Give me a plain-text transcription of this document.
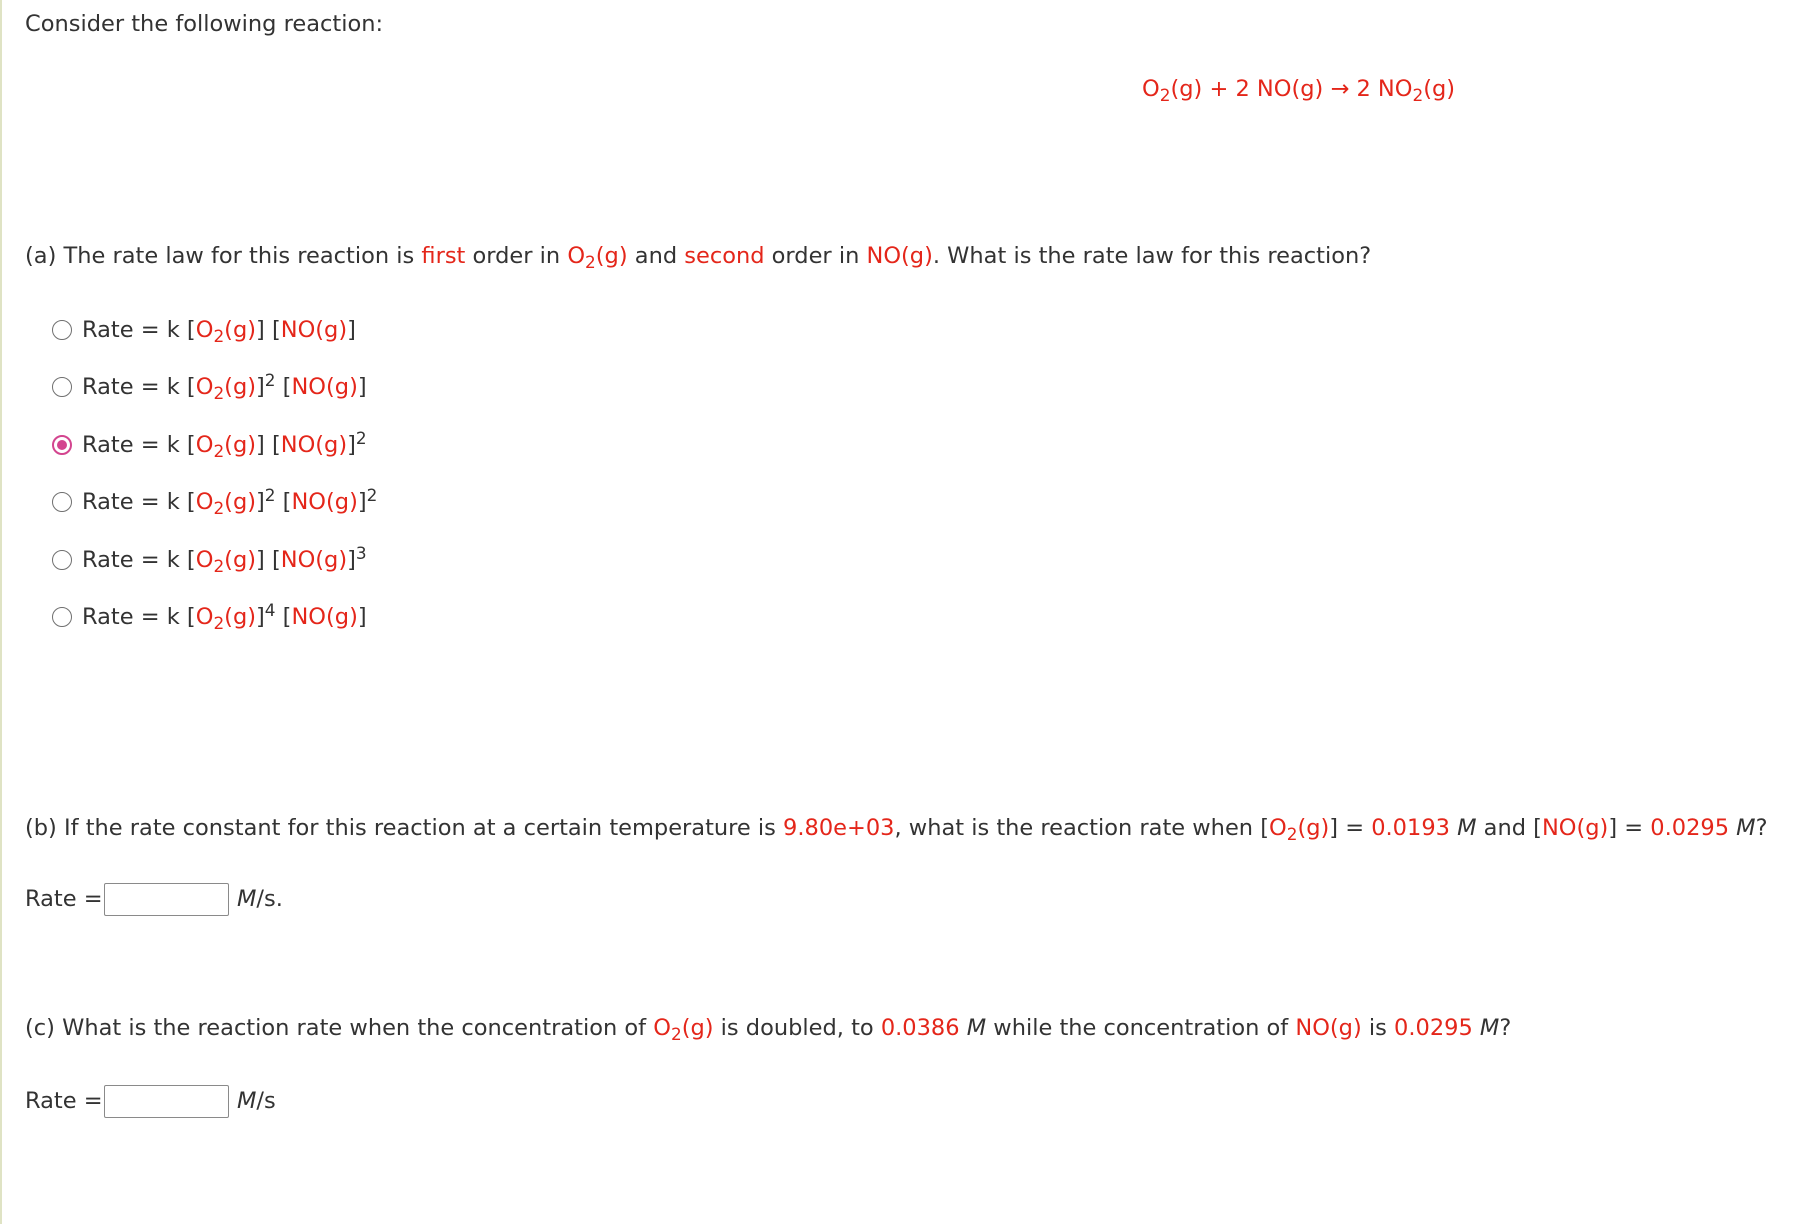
Consider the following reaction:
$O_2(g) + 2$ NO(g) → 2 $NO_2(g)$
(a) The rate law for this reaction is first order in $O_2(g)$ and second order in NO(g). What is the rate law for this reaction?
Rate = k $[O_2(g)]$ [NO(g)]
Rate = k $[O_2(g)]^2$ [NO(g)]
Rate = k $[O_2(g)]$ $[NO(g)]^2$
Rate = k $[O_2(g)]^2$ $[NO(g)]^2$
Rate = k $[O_2(g)]$ $[NO(g)]^3$
Rate = k $[O_2(g)]^4$ [NO(g)]
(b) If the rate constant for this reaction at a certain temperature is 9.80e+03, what is the reaction rate when $[O_2(g)] = 0.0193$ M and [NO(g)] = 0.0295 M?
Rate =	M/s.
(c) What is the reaction rate when the concentration of $O_2(g)$ is doubled, to 0.0386 M while the concentration of NO(g) is 0.0295 M?
Rate =	M/s
